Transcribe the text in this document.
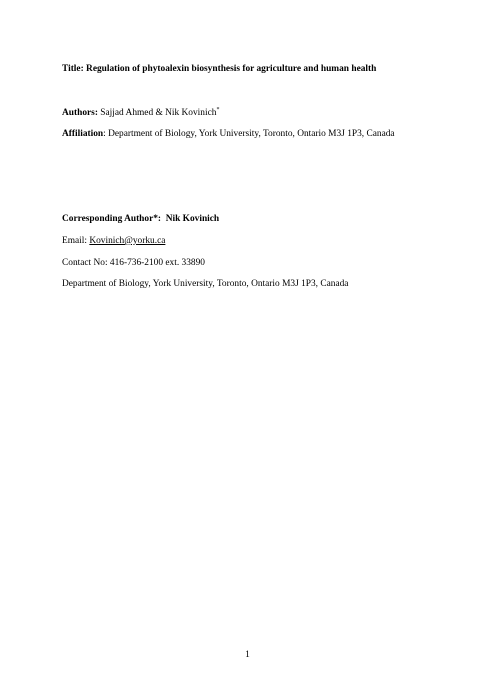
Title: Regulation of phytoalexin biosynthesis for agriculture and human health
Authors: Sajjad Ahmed & Nik Kovinich*
Affiliation: Department of Biology, York University, Toronto, Ontario M3J 1P3, Canada
Corresponding Author*: Nik Kovinich
Email: Kovinich@yorku.ca
Contact No: 416-736-2100 ext. 33890
Department of Biology, York University, Toronto, Ontario M3J 1P3, Canada
1
